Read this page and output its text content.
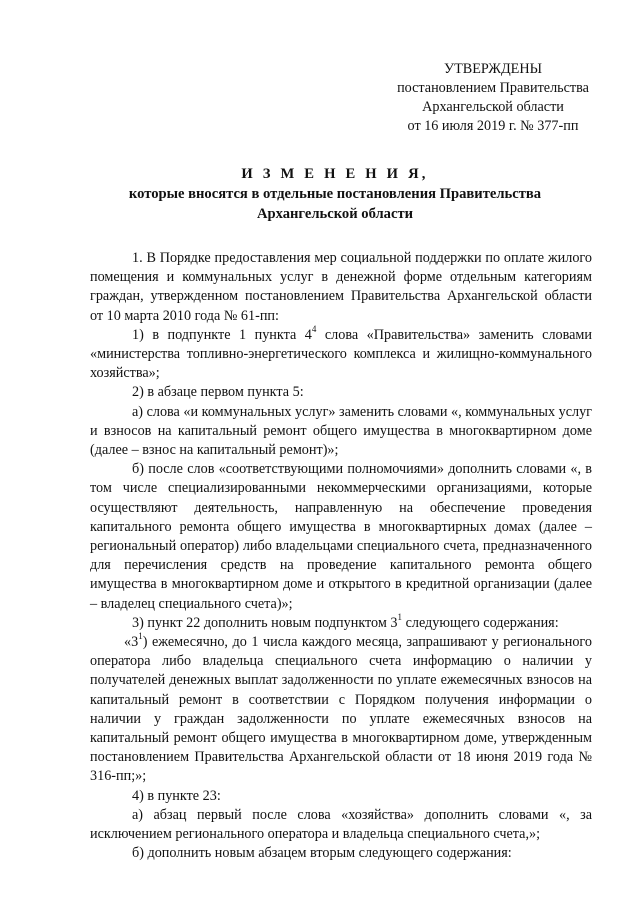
УТВЕРЖДЕНЫ
постановлением Правительства
Архангельской области
от 16 июля 2019 г. № 377-пп
И З М Е Н Е Н И Я,
которые вносятся в отдельные постановления Правительства
Архангельской области

1. В Порядке предоставления мер социальной поддержки по оплате жилого помещения и коммунальных услуг в денежной форме отдельным категориям граждан, утвержденном постановлением Правительства Архангельской области от 10 марта 2010 года № 61-пп:

1) в подпункте 1 пункта $4^4$ слова «Правительства» заменить словами «министерства топливно-энергетического комплекса и жилищно-коммунального хозяйства»;

2) в абзаце первом пункта 5:

а) слова «и коммунальных услуг» заменить словами «, коммунальных услуг и взносов на капитальный ремонт общего имущества в многоквартирном доме (далее – взнос на капитальный ремонт)»;

б) после слов «соответствующими полномочиями» дополнить словами «, в том числе специализированными некоммерческими организациями, которые осуществляют деятельность, направленную на обеспечение проведения капитального ремонта общего имущества в многоквартирных домах (далее – региональный оператор) либо владельцами специального счета, предназначенного для перечисления средств на проведение капитального ремонта общего имущества в многоквартирном доме и открытого в кредитной организации (далее – владелец специального счета)»;

3) пункт 22 дополнить новым подпунктом $3^1$ следующего содержания:

«$3^1$) ежемесячно, до 1 числа каждого месяца, запрашивают у регионального оператора либо владельца специального счета информацию о наличии у получателей денежных выплат задолженности по уплате ежемесячных взносов на капитальный ремонт в соответствии с Порядком получения информации о наличии у граждан задолженности по уплате ежемесячных взносов на капитальный ремонт общего имущества в многоквартирном доме, утвержденным постановлением Правительства Архангельской области от 18 июня 2019 года № 316-пп;»;

4) в пункте 23:

а) абзац первый после слова «хозяйства» дополнить словами «, за исключением регионального оператора и владельца специального счета,»;

б) дополнить новым абзацем вторым следующего содержания:
